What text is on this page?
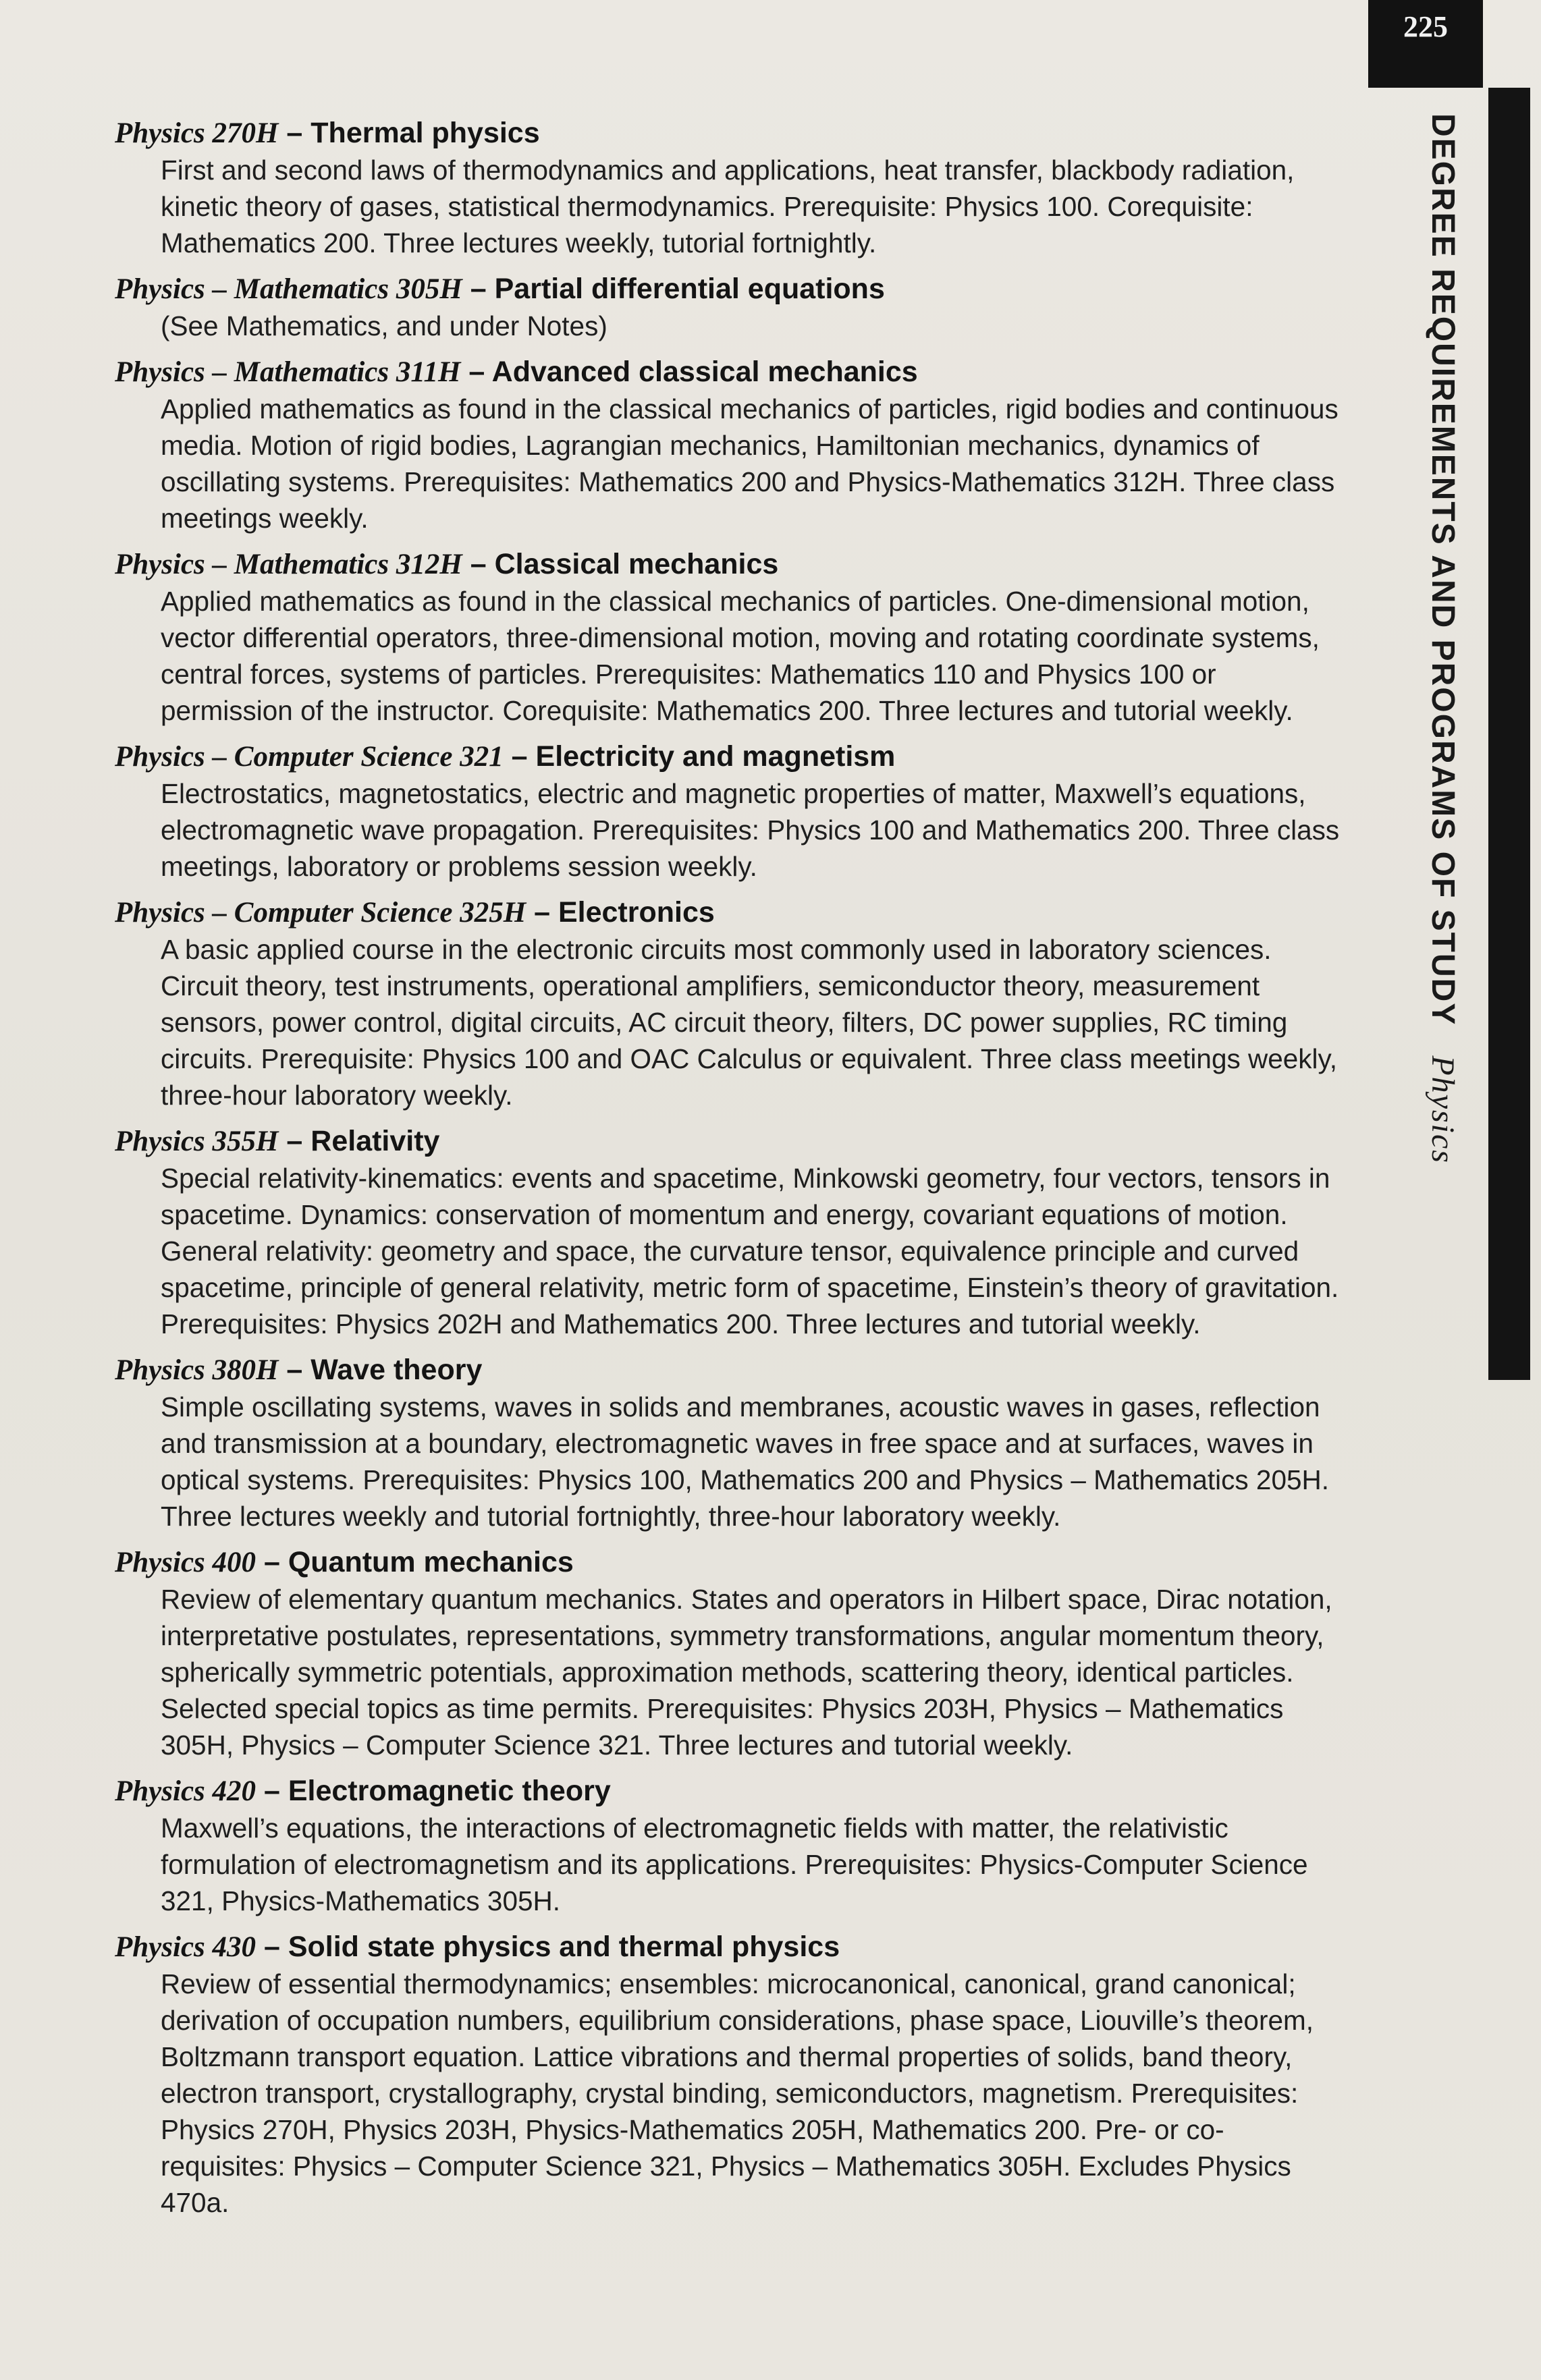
225
DEGREE REQUIREMENTS AND PROGRAMS OF STUDYPhysics
Physics 270H – Thermal physics
First and second laws of thermodynamics and applications, heat transfer, blackbody radiation, kinetic theory of gases, statistical thermodynamics. Prerequisite: Physics 100. Corequisite: Mathematics 200. Three lectures weekly, tutorial fortnightly.
Physics – Mathematics 305H – Partial differential equations
(See Mathematics, and under Notes)
Physics – Mathematics 311H – Advanced classical mechanics
Applied mathematics as found in the classical mechanics of particles, rigid bodies and continuous media. Motion of rigid bodies, Lagrangian mechanics, Hamiltonian mechanics, dynamics of oscillating systems. Prerequisites: Mathematics 200 and Physics-Mathematics 312H. Three class meetings weekly.
Physics – Mathematics 312H – Classical mechanics
Applied mathematics as found in the classical mechanics of particles. One-dimensional motion, vector differential operators, three-dimensional motion, moving and rotating coordinate systems, central forces, systems of particles. Prerequisites: Mathematics 110 and Physics 100 or permission of the instructor. Corequisite: Mathematics 200. Three lectures and tutorial weekly.
Physics – Computer Science 321 – Electricity and magnetism
Electrostatics, magnetostatics, electric and magnetic properties of matter, Maxwell’s equations, electromagnetic wave propagation. Prerequisites: Physics 100 and Mathematics 200. Three class meetings, laboratory or problems session weekly.
Physics – Computer Science 325H – Electronics
A basic applied course in the electronic circuits most commonly used in laboratory sciences. Circuit theory, test instruments, operational amplifiers, semiconductor theory, measurement sensors, power control, digital circuits, AC circuit theory, filters, DC power supplies, RC timing circuits. Prerequisite: Physics 100 and OAC Calculus or equivalent. Three class meetings weekly, three-hour laboratory weekly.
Physics 355H – Relativity
Special relativity-kinematics: events and spacetime, Minkowski geometry, four vectors, tensors in spacetime. Dynamics: conservation of momentum and energy, covariant equations of motion. General relativity: geometry and space, the curvature tensor, equivalence principle and curved spacetime, principle of general relativity, metric form of spacetime, Einstein’s theory of gravitation. Prerequisites: Physics 202H and Mathematics 200. Three lectures and tutorial weekly.
Physics 380H – Wave theory
Simple oscillating systems, waves in solids and membranes, acoustic waves in gases, reflection and transmission at a boundary, electromagnetic waves in free space and at surfaces, waves in optical systems. Prerequisites: Physics 100, Mathematics 200 and Physics – Mathematics 205H. Three lectures weekly and tutorial fortnightly, three-hour laboratory weekly.
Physics 400 – Quantum mechanics
Review of elementary quantum mechanics. States and operators in Hilbert space, Dirac notation, interpretative postulates, representations, symmetry transformations, angular momentum theory, spherically symmetric potentials, approximation methods, scattering theory, identical particles. Selected special topics as time permits. Prerequisites: Physics 203H, Physics – Mathematics 305H, Physics – Computer Science 321. Three lectures and tutorial weekly.
Physics 420 – Electromagnetic theory
Maxwell’s equations, the interactions of electromagnetic fields with matter, the relativistic formulation of electromagnetism and its applications. Prerequisites: Physics-Computer Science 321, Physics-Mathematics 305H.
Physics 430 – Solid state physics and thermal physics
Review of essential thermodynamics; ensembles: microcanonical, canonical, grand canonical; derivation of occupation numbers, equilibrium considerations, phase space, Liouville’s theorem, Boltzmann transport equation. Lattice vibrations and thermal properties of solids, band theory, electron transport, crystallography, crystal binding, semiconductors, magnetism. Prerequisites: Physics 270H, Physics 203H, Physics-Mathematics 205H, Mathematics 200. Pre- or co-requisites: Physics – Computer Science 321, Physics – Mathematics 305H. Excludes Physics 470a.
